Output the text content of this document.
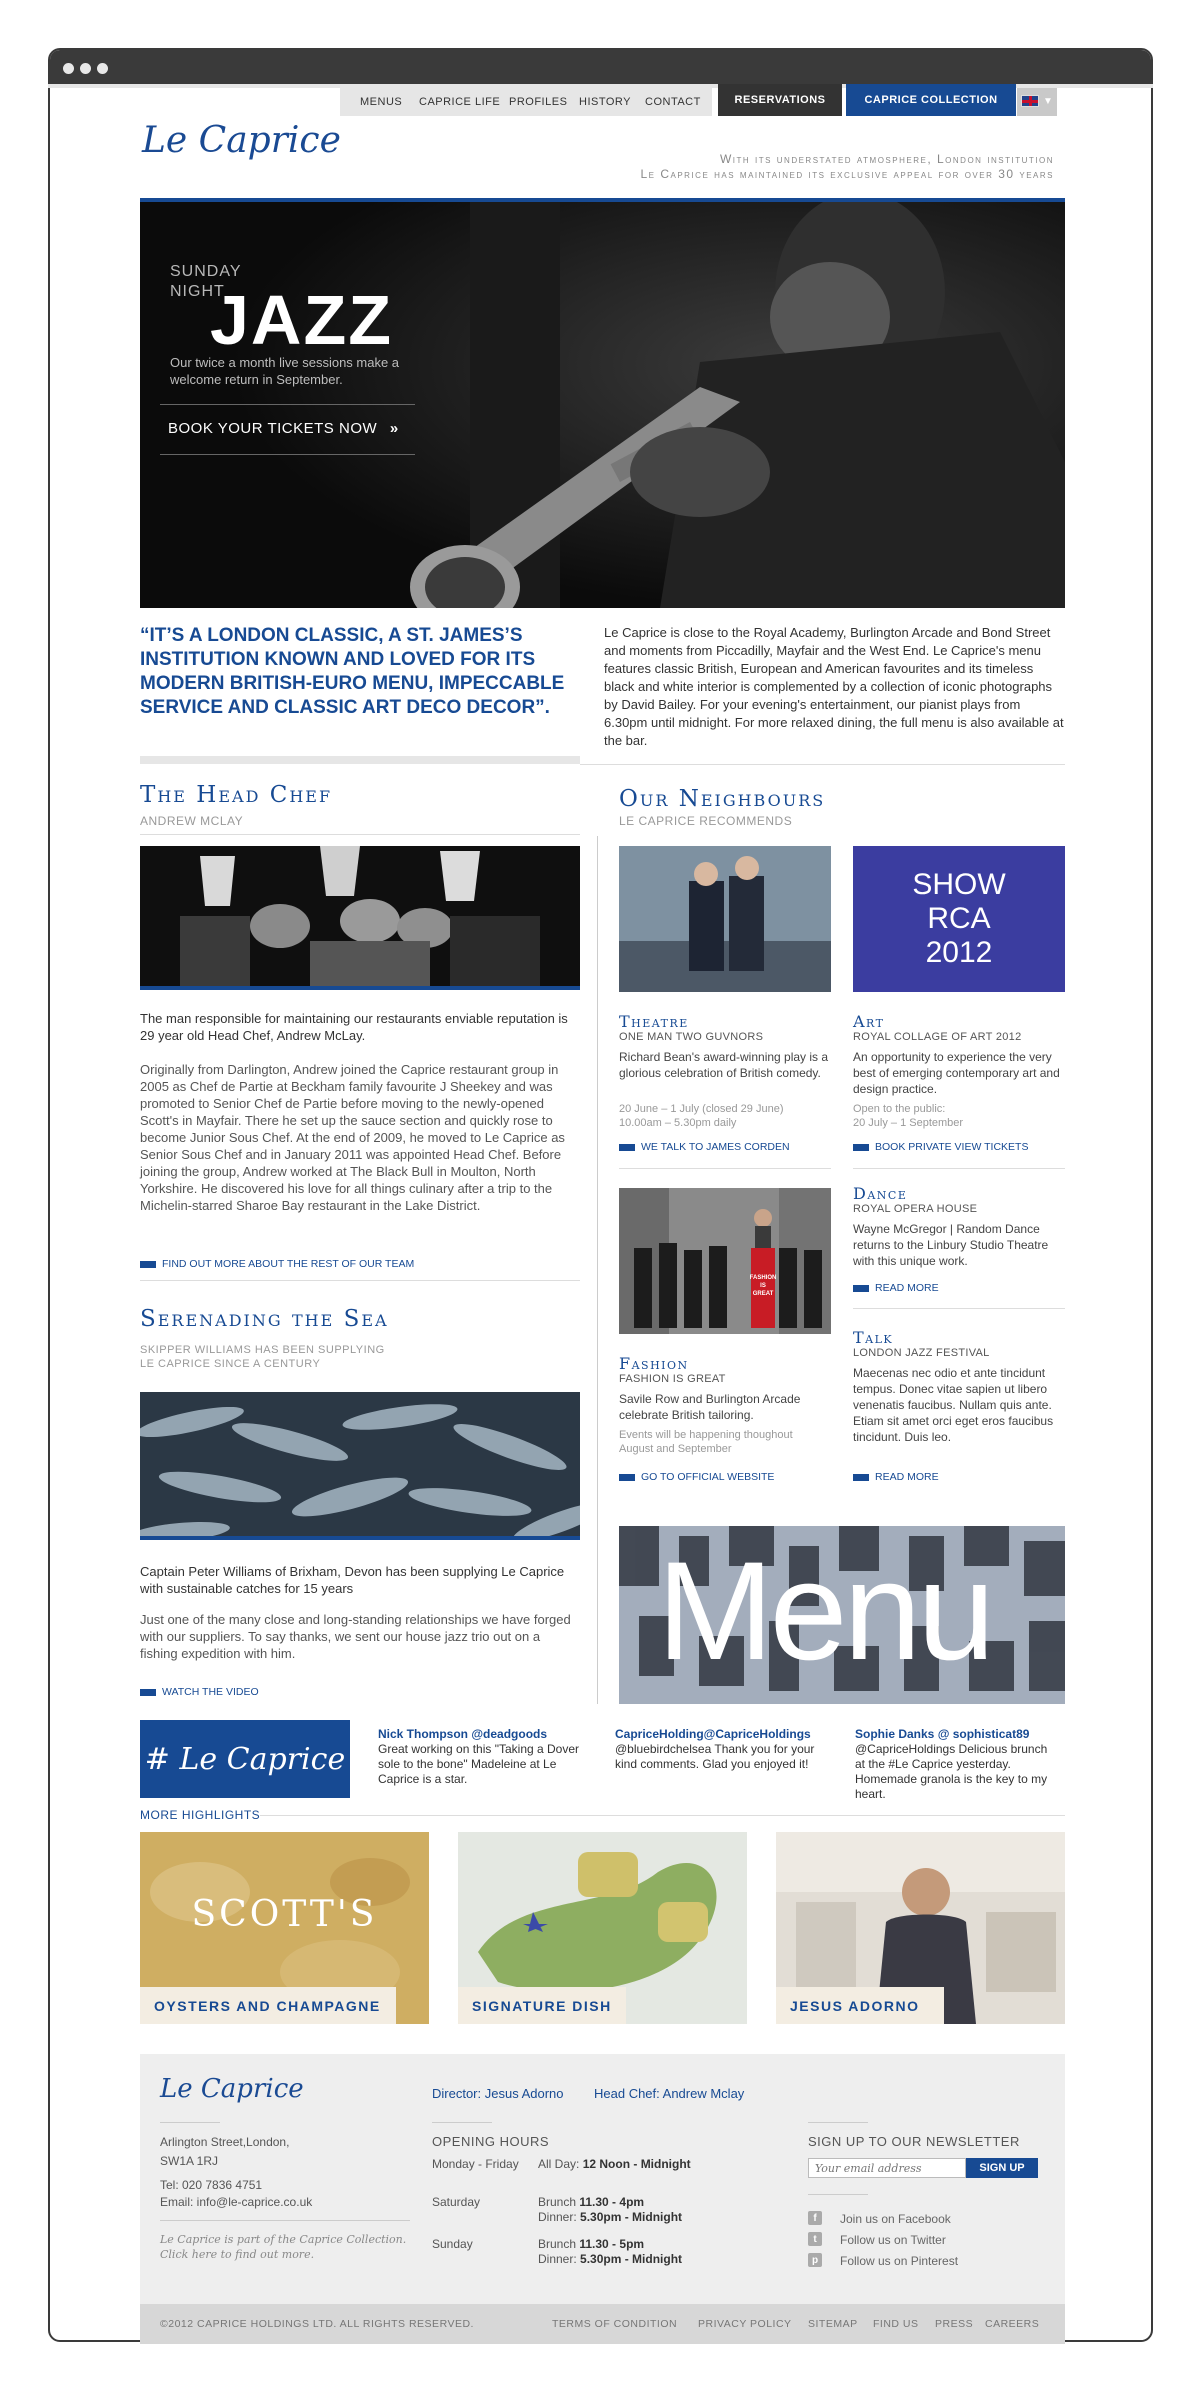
MENUS CAPRICE LIFE PROFILES HISTORY CONTACT	RESERVATIONS	CAPRICE COLLECTION	▼
Le Caprice	With its understated atmosphere, London institution
Le Caprice has maintained its exclusive appeal for over 30 years
SUNDAY
NIGHT
JAZZ
Our twice a month live sessions make a welcome return in September.
BOOK YOUR TICKETS NOW »
“IT’S A LONDON CLASSIC, A ST. JAMES’S INSTITUTION KNOWN AND LOVED FOR ITS MODERN BRITISH-EURO MENU, IMPECCABLE SERVICE AND CLASSIC ART DECO DECOR”.
Le Caprice is close to the Royal Academy, Burlington Arcade and Bond Street and moments from Piccadilly, Mayfair and the West End. Le Caprice's menu features classic British, European and American favourites and its timeless black and white interior is complemented by a collection of iconic photographs by David Bailey. For your evening's entertainment, our pianist plays from 6.30pm until midnight. For more relaxed dining, the full menu is also available at the bar.
The Head Chef
ANDREW MCLAY
The man responsible for maintaining our restaurants enviable reputation is 29 year old Head Chef, Andrew McLay.
Originally from Darlington, Andrew joined the Caprice restaurant group in 2005 as Chef de Partie at Beckham family favourite J Sheekey and was promoted to Senior Chef de Partie before moving to the newly-opened Scott's in Mayfair. There he set up the sauce section and quickly rose to become Junior Sous Chef. At the end of 2009, he moved to Le Caprice as Senior Sous Chef and in January 2011 was appointed Head Chef. Before joining the group, Andrew worked at The Black Bull in Moulton, North Yorkshire. He discovered his love for all things culinary after a trip to the Michelin-starred Sharoe Bay restaurant in the Lake District.
FIND OUT MORE ABOUT THE REST OF OUR TEAM
Serenading the Sea
SKIPPER WILLIAMS HAS BEEN SUPPLYING
LE CAPRICE SINCE A CENTURY
Captain Peter Williams of Brixham, Devon has been supplying Le Caprice with sustainable catches for 15 years
Just one of the many close and long-standing relationships we have forged with our suppliers. To say thanks, we sent our house jazz trio out on a fishing expedition with him.
WATCH THE VIDEO
Our Neighbours
LE CAPRICE RECOMMENDS
SHOW
RCA
2012
Theatre
ONE MAN TWO GUVNORS
Richard Bean's award-winning play is a glorious celebration of British comedy.
20 June – 1 July (closed 29 June)
10.00am – 5.30pm daily
WE TALK TO JAMES CORDEN
Art
ROYAL COLLAGE OF ART 2012
An opportunity to experience the very best of emerging contemporary art and design practice.
Open to the public:
20 July – 1 September
BOOK PRIVATE VIEW TICKETS
FASHION
IS
GREAT
Dance
ROYAL OPERA HOUSE
Wayne McGregor | Random Dance returns to the Linbury Studio Theatre with this unique work.
READ MORE
Fashion
FASHION IS GREAT
Savile Row and Burlington Arcade celebrate British tailoring.
Events will be happening thoughout
August and September
GO TO OFFICIAL WEBSITE
Talk
LONDON JAZZ FESTIVAL
Maecenas nec odio et ante tincidunt tempus. Donec vitae sapien ut libero venenatis faucibus. Nullam quis ante. Etiam sit amet orci eget eros faucibus tincidunt. Duis leo.
READ MORE
Menu
# Le Caprice
Nick Thompson @deadgoods
Great working on this "Taking a Dover sole to the bone" Madeleine at Le Caprice is a star.
CapriceHolding@CapriceHoldings
@bluebirdchelsea Thank you for your kind comments. Glad you enjoyed it!
Sophie Danks @ sophisticat89
@CapriceHoldings Delicious brunch at the #Le Caprice yesterday. Homemade granola is the key to my heart.
MORE HIGHLIGHTS
SCOTT'S
OYSTERS AND CHAMPAGNE	SIGNATURE DISH	JESUS ADORNO
Le Caprice	Director: Jesus Adorno Head Chef: Andrew Mclay
Arlington Street,London,
SW1A 1RJ
Tel: 020 7836 4751
Email: info@le-caprice.co.uk
Le Caprice is part of the Caprice Collection.
Click here to find out more.
OPENING HOURS
Monday - Friday All Day: 12 Noon - Midnight
Saturday	Brunch 11.30 - 4pm
Dinner: 5.30pm - Midnight
Sunday	Brunch 11.30 - 5pm
Dinner: 5.30pm - Midnight
SIGN UP TO OUR NEWSLETTER
Your email address
SIGN UP
f	Join us on Facebook
t	Follow us on Twitter
p	Follow us on Pinterest
©2012 CAPRICE HOLDINGS LTD. ALL RIGHTS RESERVED.	TERMS OF CONDITION PRIVACY POLICY SITEMAP FIND US PRESS CAREERS
